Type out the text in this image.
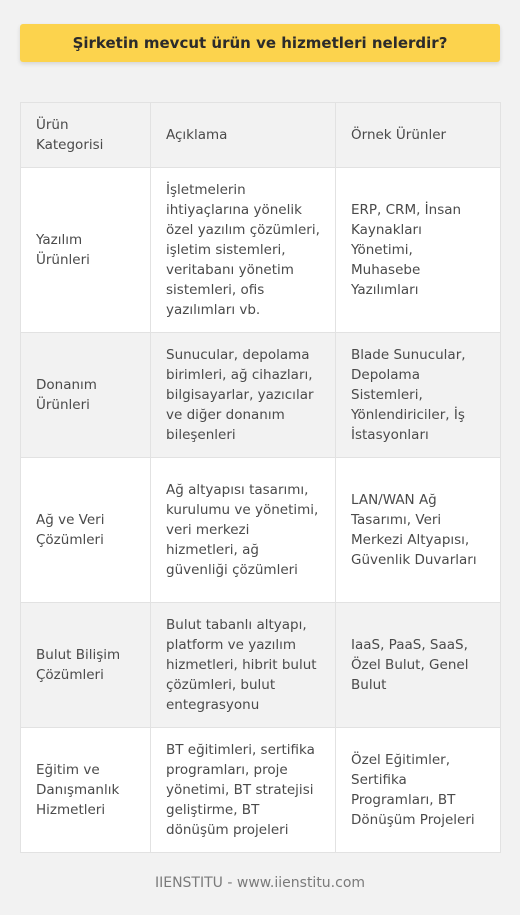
Şirketin mevcut ürün ve hizmetleri nelerdir?
Ürün Kategorisi	Açıklama	Örnek Ürünler
Yazılım Ürünleri	İşletmelerin ihtiyaçlarına yönelik özel yazılım çözümleri, işletim sistemleri, veritabanı yönetim sistemleri, ofis yazılımları vb.	ERP, CRM, İnsan Kaynakları Yönetimi, Muhasebe Yazılımları
Donanım Ürünleri	Sunucular, depolama birimleri, ağ cihazları, bilgisayarlar, yazıcılar ve diğer donanım bileşenleri	Blade Sunucular, Depolama Sistemleri, Yönlendiriciler, İş İstasyonları
Ağ ve Veri Çözümleri	Ağ altyapısı tasarımı, kurulumu ve yönetimi, veri merkezi hizmetleri, ağ güvenliği çözümleri	LAN/WAN Ağ Tasarımı, Veri Merkezi Altyapısı, Güvenlik Duvarları
Bulut Bilişim Çözümleri	Bulut tabanlı altyapı, platform ve yazılım hizmetleri, hibrit bulut çözümleri, bulut entegrasyonu	IaaS, PaaS, SaaS, Özel Bulut, Genel Bulut
Eğitim ve Danışmanlık Hizmetleri	BT eğitimleri, sertifika programları, proje yönetimi, BT stratejisi geliştirme, BT dönüşüm projeleri	Özel Eğitimler, Sertifika Programları, BT Dönüşüm Projeleri
IIENSTITU - www.iienstitu.com
